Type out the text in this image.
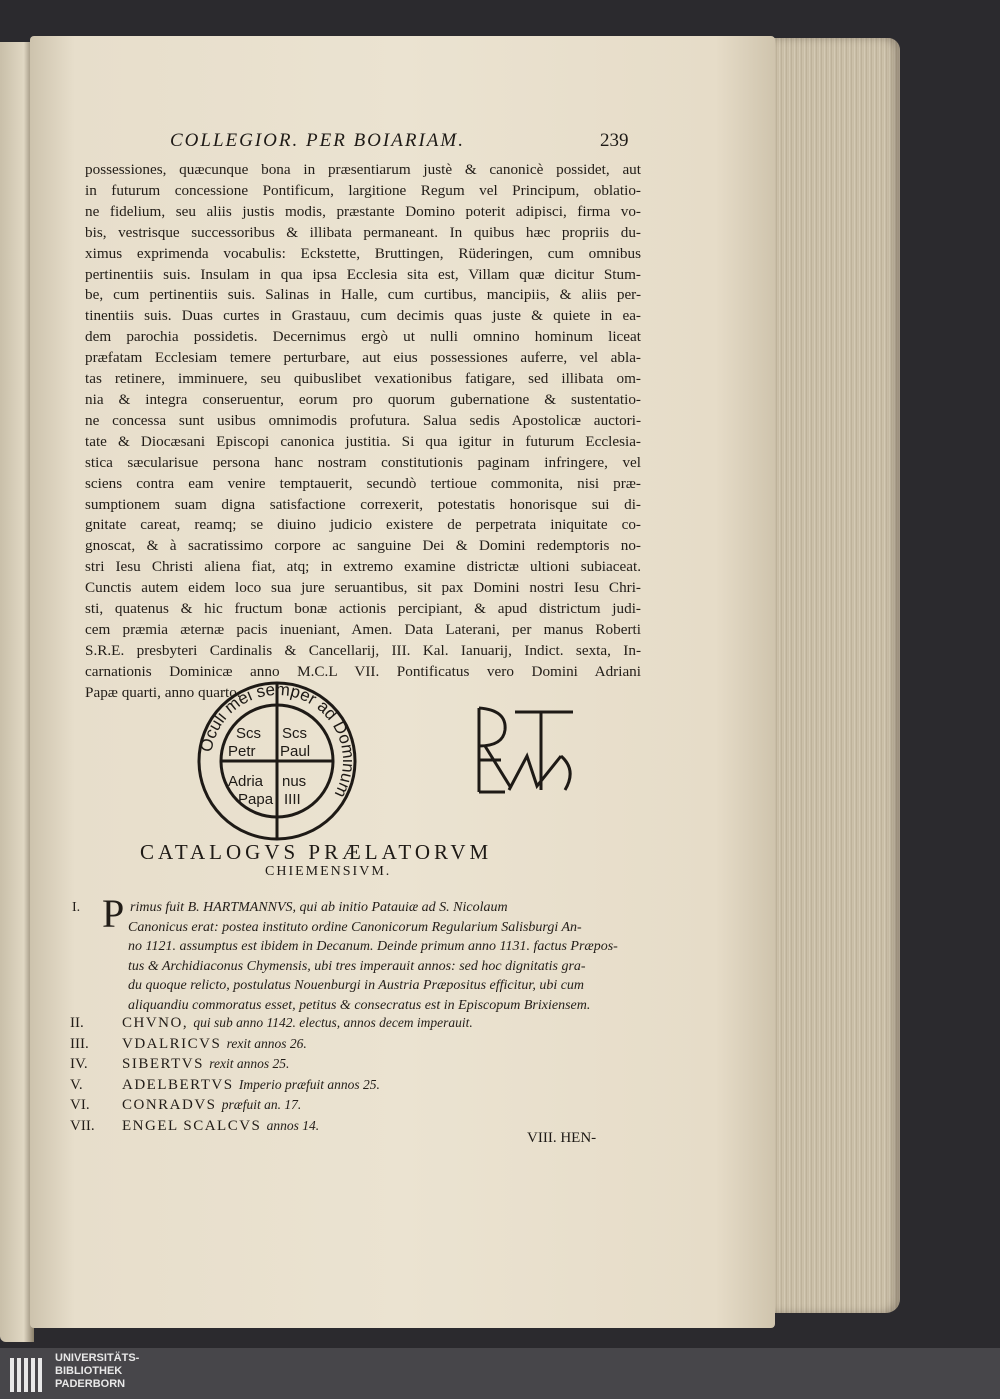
COLLEGIOR. PER BOIARIAM.	239
possessiones, quæcunque bona in præsentiarum justè & canonicè possidet, aut
in futurum concessione Pontificum, largitione Regum vel Principum, oblatio-
ne fidelium, seu aliis justis modis, præstante Domino poterit adipisci, firma vo-
bis, vestrisque successoribus & illibata permaneant. In quibus hæc propriis du-
ximus exprimenda vocabulis: Eckstette, Bruttingen, Rüderingen, cum omnibus
pertinentiis suis. Insulam in qua ipsa Ecclesia sita est, Villam quæ dicitur Stum-
be, cum pertinentiis suis. Salinas in Halle, cum curtibus, mancipiis, & aliis per-
tinentiis suis. Duas curtes in Grastauu, cum decimis quas juste & quiete in ea-
dem parochia possidetis. Decernimus ergò ut nulli omnino hominum liceat
præfatam Ecclesiam temere perturbare, aut eius possessiones auferre, vel abla-
tas retinere, imminuere, seu quibuslibet vexationibus fatigare, sed illibata om-
nia & integra conseruentur, eorum pro quorum gubernatione & sustentatio-
ne concessa sunt usibus omnimodis profutura. Salua sedis Apostolicæ auctori-
tate & Diocæsani Episcopi canonica justitia. Si qua igitur in futurum Ecclesia-
stica sæcularisue persona hanc nostram constitutionis paginam infringere, vel
sciens contra eam venire temptauerit, secundò tertioue commonita, nisi præ-
sumptionem suam digna satisfactione correxerit, potestatis honorisque sui di-
gnitate careat, reamq; se diuino judicio existere de perpetrata iniquitate co-
gnoscat, & à sacratissimo corpore ac sanguine Dei & Domini redemptoris no-
stri Iesu Christi aliena fiat, atq; in extremo examine districtæ ultioni subiaceat.
Cunctis autem eidem loco sua jure seruantibus, sit pax Domini nostri Iesu Chri-
sti, quatenus & hic fructum bonæ actionis percipiant, & apud districtum judi-
cem præmia æternæ pacis inueniant, Amen. Data Laterani, per manus Roberti
S.R.E. presbyteri Cardinalis & Cancellarij, III. Kal. Ianuarij, Indict. sexta, In-
carnationis Dominicæ anno M.C.L VII. Pontificatus vero Domini Adriani
Papæ quarti, anno quarto.
Oculi mei semper ad Dominum
Scs Scs
Petr Paul
Adria nus
Papa IIII
CATALOGVS PRÆLATORVM
CHIEMENSIVM.
I. P rimus fuit B. HARTMANNVS, qui ab initio Patauiæ ad S. Nicolaum
Canonicus erat: postea instituto ordine Canonicorum Regularium Salisburgi An-
no 1121. assumptus est ibidem in Decanum. Deinde primum anno 1131. factus Præpos-
tus & Archidiaconus Chymensis, ubi tres imperauit annos: sed hoc dignitatis gra-
du quoque relicto, postulatus Nouenburgi in Austria Præpositus efficitur, ubi cum
aliquandiu commoratus esset, petitus & consecratus est in Episcopum Brixiensem.
II.	CHVNO, qui sub anno 1142. electus, annos decem imperauit.
III. VDALRICVS rexit annos 26.
IV. SIBERTVS rexit annos 25.
V.	ADELBERTVS Imperio præfuit annos 25.
VI. CONRADVS præfuit an. 17.
VII. ENGEL SCALCVS annos 14.
VIII. HEN-
UNIVERSITÄTS-
BIBLIOTHEK
PADERBORN
